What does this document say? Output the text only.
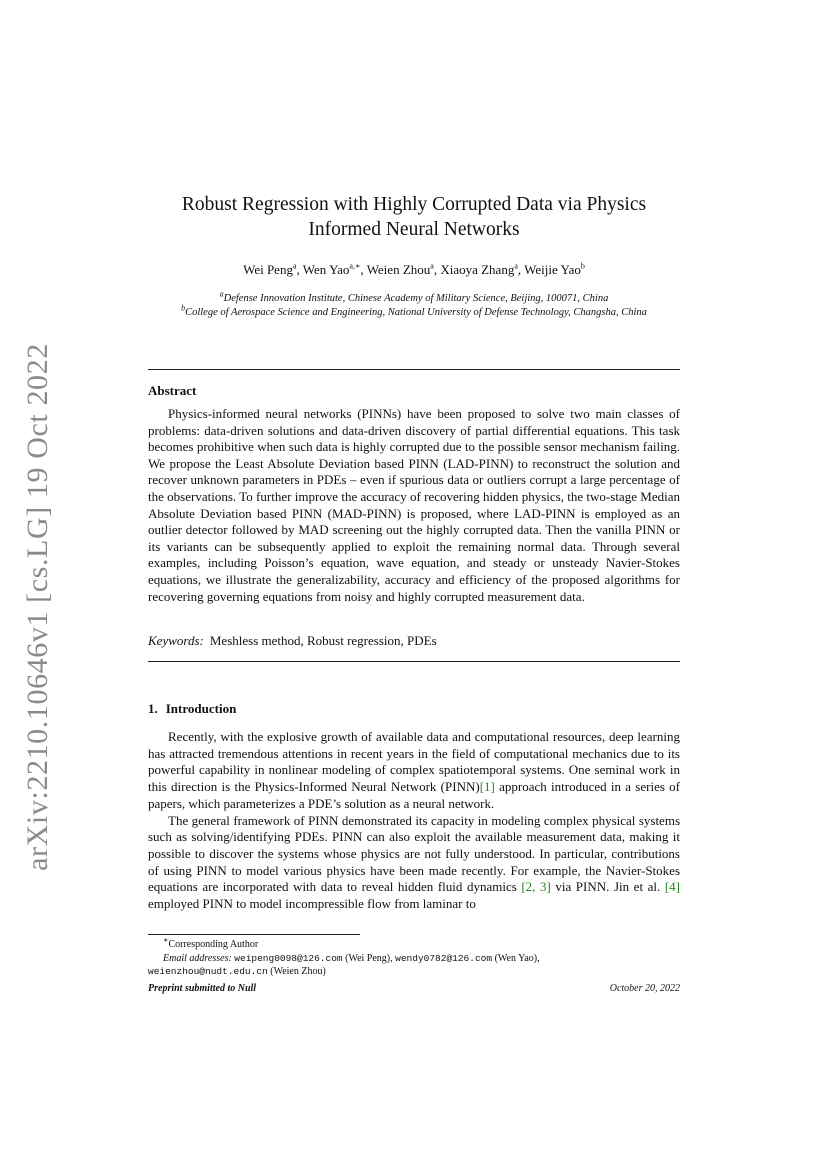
arXiv:2210.10646v1 [cs.LG] 19 Oct 2022
Robust Regression with Highly Corrupted Data via Physics Informed Neural Networks
Wei Peng$^a$, Wen Yao$^{a,∗}$, Weien Zhou$^a$, Xiaoya Zhang$^a$, Weijie Yao$^b$
$^a$Defense Innovation Institute, Chinese Academy of Military Science, Beijing, 100071, China
$^b$College of Aerospace Science and Engineering, National University of Defense Technology, Changsha, China
Abstract

Physics-informed neural networks (PINNs) have been proposed to solve two main classes of problems: data-driven solutions and data-driven discovery of partial differential equations. This task becomes prohibitive when such data is highly corrupted due to the possible sensor mechanism failing. We propose the Least Absolute Deviation based PINN (LAD-PINN) to reconstruct the solution and recover unknown parameters in PDEs – even if spurious data or outliers corrupt a large percentage of the observations. To further improve the accuracy of recovering hidden physics, the two-stage Median Absolute Deviation based PINN (MAD-PINN) is proposed, where LAD-PINN is employed as an outlier detector followed by MAD screening out the highly corrupted data. Then the vanilla PINN or its variants can be subsequently applied to exploit the remaining normal data. Through several examples, including Poisson’s equation, wave equation, and steady or unsteady Navier-Stokes equations, we illustrate the generalizability, accuracy and efficiency of the proposed algorithms for recovering governing equations from noisy and highly corrupted measurement data.

Keywords: Meshless method, Robust regression, PDEs
1. Introduction

Recently, with the explosive growth of available data and computational resources, deep learning has attracted tremendous attentions in recent years in the field of computational mechanics due to its powerful capability in nonlinear modeling of complex spatiotemporal systems. One seminal work in this direction is the Physics-Informed Neural Network (PINN)[1] approach introduced in a series of papers, which parameterizes a PDE’s solution as a neural network.

The general framework of PINN demonstrated its capacity in modeling complex physical systems such as solving/identifying PDEs. PINN can also exploit the available measurement data, making it possible to discover the systems whose physics are not fully understood. In particular, contributions of using PINN to model various physics have been made recently. For example, the Navier-Stokes equations are incorporated with data to reveal hidden fluid dynamics [2, 3] via PINN. Jin et al. [4] employed PINN to model incompressible flow from laminar to

∗Corresponding Author
Email addresses: weipeng0098@126.com (Wei Peng), wendy0782@126.com (Wen Yao),
weienzhou@nudt.edu.cn (Weien Zhou)
Preprint submitted to Null	October 20, 2022
